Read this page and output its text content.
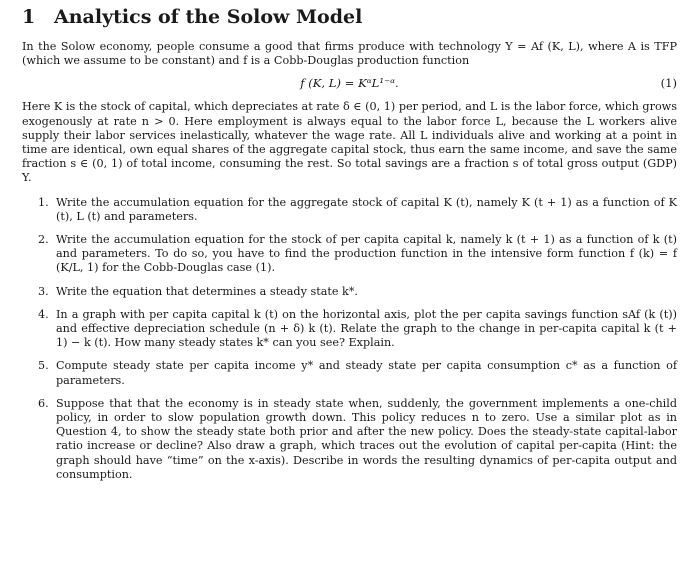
1 Analytics of the Solow Model

In the Solow economy, people consume a good that firms produce with technology Y = Af (K, L), where A is TFP (which we assume to be constant) and f is a Cobb-Douglas production function

f (K, L) = KᵅL¹⁻ᵅ.	(1)

Here K is the stock of capital, which depreciates at rate δ ∈ (0, 1) per period, and L is the labor force, which grows exogenously at rate n > 0. Here employment is always equal to the labor force L, because the L workers alive supply their labor services inelastically, whatever the wage rate. All L individuals alive and working at a point in time are identical, own equal shares of the aggregate capital stock, thus earn the same income, and save the same fraction s ∈ (0, 1) of total income, consuming the rest. So total savings are a fraction s of total gross output (GDP) Y.

1. Write the accumulation equation for the aggregate stock of capital K (t), namely K (t + 1) as a function of K (t), L (t) and parameters.

2. Write the accumulation equation for the stock of per capita capital k, namely k (t + 1) as a function of k (t) and parameters. To do so, you have to find the production function in the intensive form function f (k) = f (K/L, 1) for the Cobb-Douglas case (1).

3. Write the equation that determines a steady state k*.

4. In a graph with per capita capital k (t) on the horizontal axis, plot the per capita savings function sAf (k (t)) and effective depreciation schedule (n + δ) k (t). Relate the graph to the change in per-capita capital k (t + 1) − k (t). How many steady states k* can you see? Explain.

5. Compute steady state per capita income y* and steady state per capita consumption c* as a function of parameters.

6. Suppose that that the economy is in steady state when, suddenly, the government implements a one-child policy, in order to slow population growth down. This policy reduces n to zero. Use a similar plot as in Question 4, to show the steady state both prior and after the new policy. Does the steady-state capital-labor ratio increase or decline? Also draw a graph, which traces out the evolution of capital per-capita (Hint: the graph should have “time” on the x-axis). Describe in words the resulting dynamics of per-capita output and consumption.
